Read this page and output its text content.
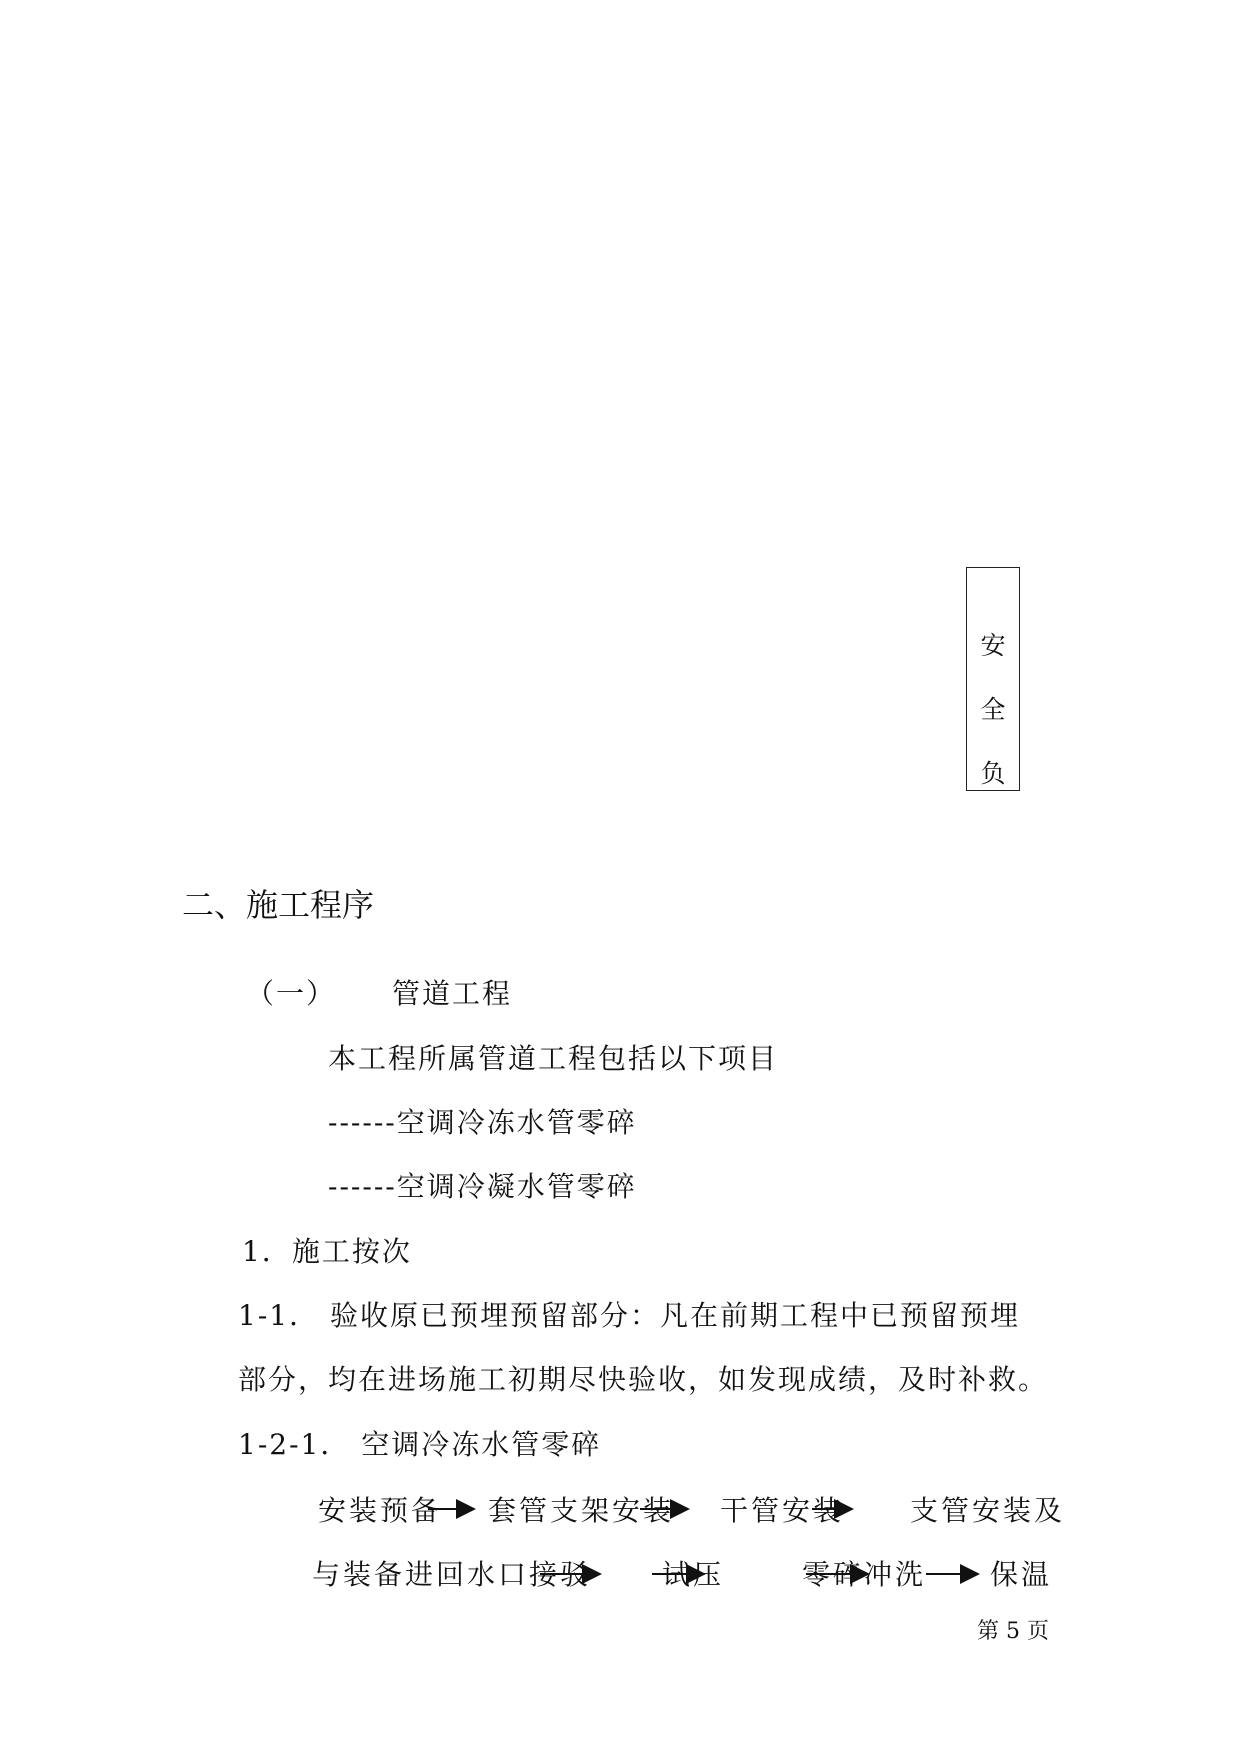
安
全
负
二、施工程序
（一） 管道工程
本工程所属管道工程包括以下项目
------空调冷冻水管零碎
------空调冷凝水管零碎
1．施工按次
1-1． 验收原已预埋预留部分：凡在前期工程中已预留预埋
部分，均在进场施工初期尽快验收，如发现成绩，及时补救。
1-2-1． 空调冷冻水管零碎
安装预备 套管支架安装 干管安装 支管安装及
与装备进回水口接驳	试压	零碎冲洗 保温
第 5 页
